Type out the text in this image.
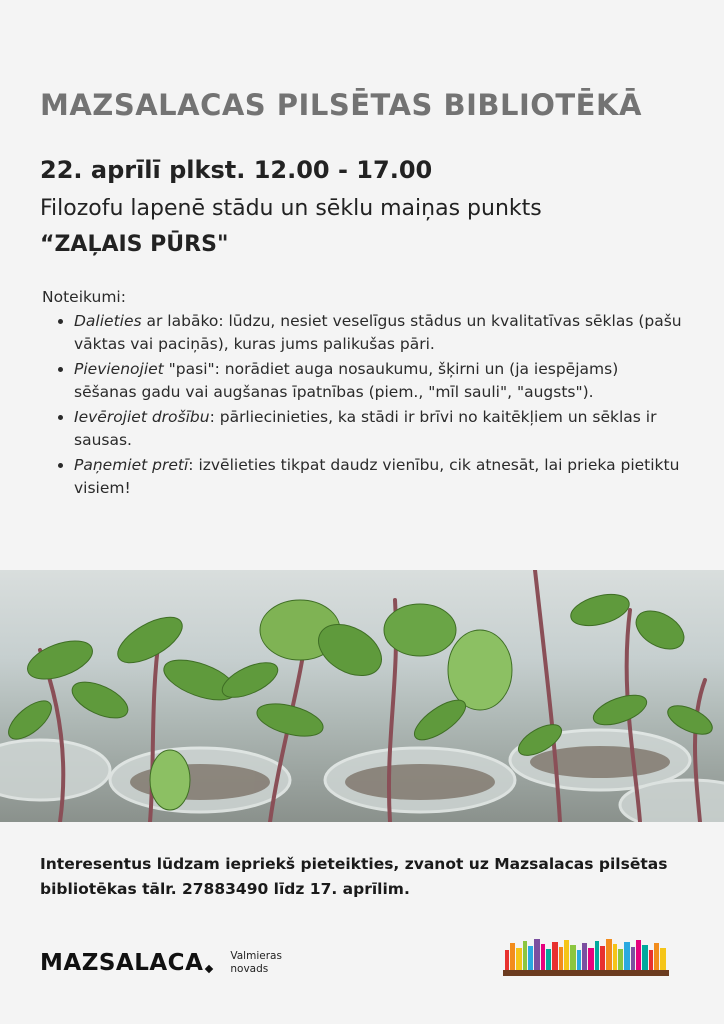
MAZSALACAS PILSĒTAS BIBLIOTĒKĀ
22. aprīlī plkst. 12.00 - 17.00
Filozofu lapenē stādu un sēklu maiņas punkts
“ZAĻAIS PŪRS"
Noteikumi:
• Dalieties ar labāko: lūdzu, nesiet veselīgus stādus un kvalitatīvas sēklas (pašu vāktas vai paciņās), kuras jums palikušas pāri.
• Pievienojiet "pasi": norādiet auga nosaukumu, šķirni un (ja iespējams) sēšanas gadu vai augšanas īpatnības (piem., "mīl sauli", "augsts").
• Ievērojiet drošību: pārliecinieties, ka stādi ir brīvi no kaitēkļiem un sēklas ir sausas.
• Paņemiet pretī: izvēlieties tikpat daudz vienību, cik atnesāt, lai prieka pietiktu visiem!
Interesentus lūdzam iepriekš pieteikties, zvanot uz Mazsalacas pilsētas bibliotēkas tālr. 27883490 līdz 17. aprīlim.
MAZSALACA	Valmieras
novads
